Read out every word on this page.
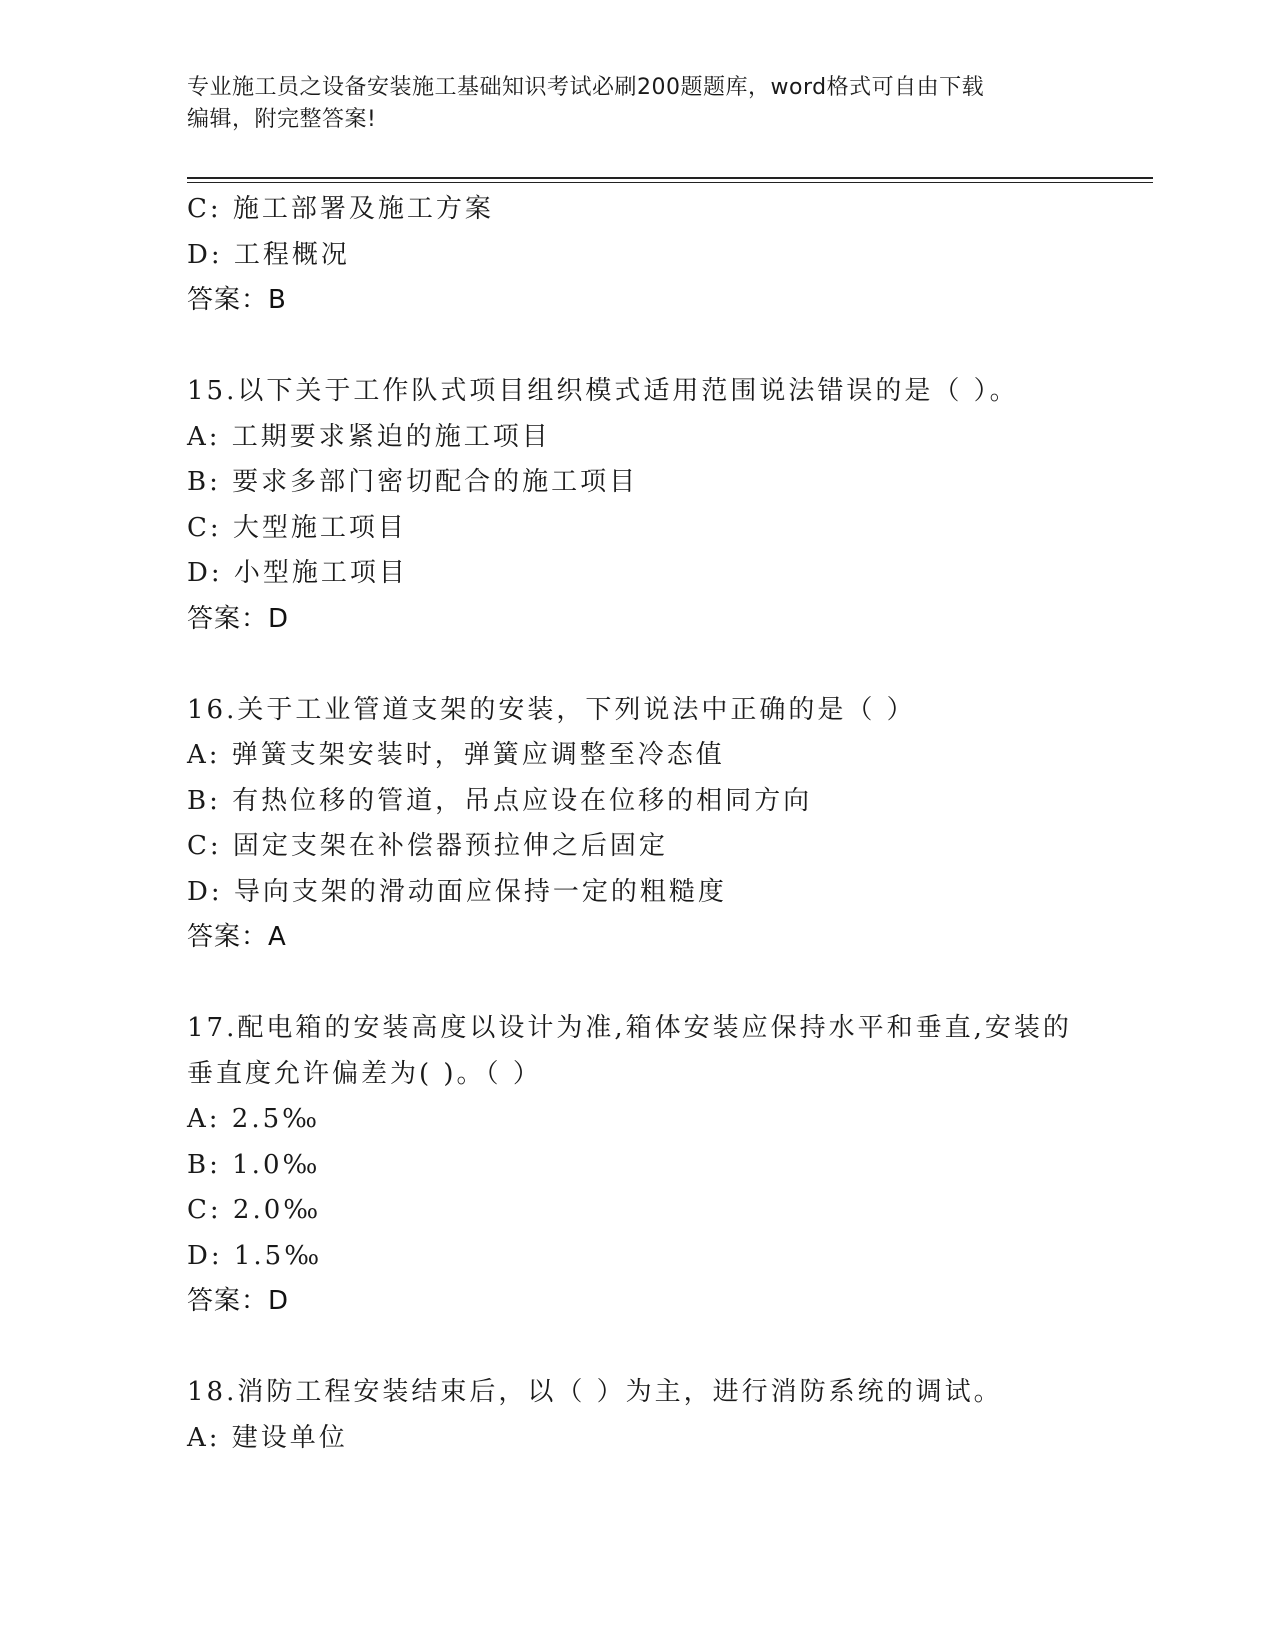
专业施工员之设备安装施工基础知识考试必刷200题题库，word格式可自由下载
编辑，附完整答案!
C: 施工部署及施工方案
D: 工程概况
答案：B
15.以下关于工作队式项目组织模式适用范围说法错误的是（ ）。
A: 工期要求紧迫的施工项目
B: 要求多部门密切配合的施工项目
C: 大型施工项目
D: 小型施工项目
答案：D
16.关于工业管道支架的安装，下列说法中正确的是（ ）
A: 弹簧支架安装时，弹簧应调整至冷态值
B: 有热位移的管道，吊点应设在位移的相同方向
C: 固定支架在补偿器预拉伸之后固定
D: 导向支架的滑动面应保持一定的粗糙度
答案：A
17.配电箱的安装高度以设计为准,箱体安装应保持水平和垂直,安装的
垂直度允许偏差为( )。（ ）
A: 2.5‰
B: 1.0‰
C: 2.0‰
D: 1.5‰
答案：D
18.消防工程安装结束后，以（ ）为主，进行消防系统的调试。
A: 建设单位
